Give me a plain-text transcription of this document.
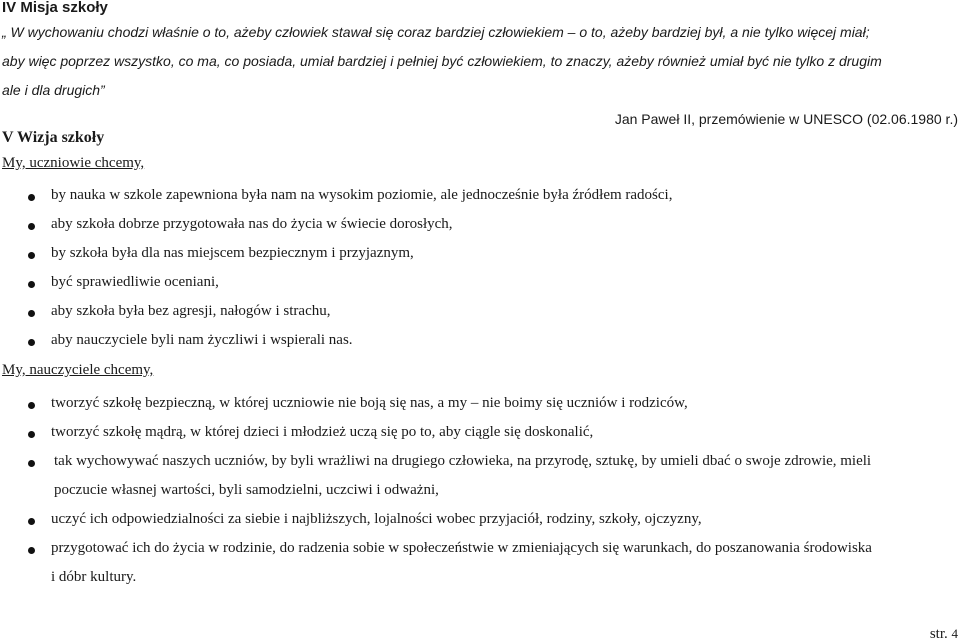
IV Misja szkoły
„ W wychowaniu chodzi właśnie o to, ażeby człowiek stawał się coraz bardziej człowiekiem – o to, ażeby bardziej był, a nie tylko więcej miał;
aby więc poprzez wszystko, co ma, co posiada, umiał bardziej i pełniej być człowiekiem, to znaczy, ażeby również umiał być nie tylko z drugim
ale i dla drugich”
Jan Paweł II, przemówienie w UNESCO (02.06.1980 r.)
V Wizja szkoły
My, uczniowie chcemy,
by nauka w szkole zapewniona była nam na wysokim poziomie, ale jednocześnie była źródłem radości,
aby szkoła dobrze przygotowała nas do życia w świecie dorosłych,
by szkoła była dla nas miejscem bezpiecznym i przyjaznym,
być sprawiedliwie oceniani,
aby szkoła była bez agresji, nałogów i strachu,
aby nauczyciele byli nam życzliwi i wspierali nas.
My, nauczyciele chcemy,
tworzyć szkołę bezpieczną, w której uczniowie nie boją się nas, a my – nie boimy się uczniów i rodziców,
tworzyć szkołę mądrą, w której dzieci i młodzież uczą się po to, aby ciągle się doskonalić,
tak wychowywać naszych uczniów, by byli wrażliwi na drugiego człowieka, na przyrodę, sztukę, by umieli dbać o swoje zdrowie, mieli
poczucie własnej wartości, byli samodzielni, uczciwi i odważni,
uczyć ich odpowiedzialności za siebie i najbliższych, lojalności wobec przyjaciół, rodziny, szkoły, ojczyzny,
przygotować ich do życia w rodzinie, do radzenia sobie w społeczeństwie w zmieniających się warunkach, do poszanowania środowiska
i dóbr kultury.
str. 4
